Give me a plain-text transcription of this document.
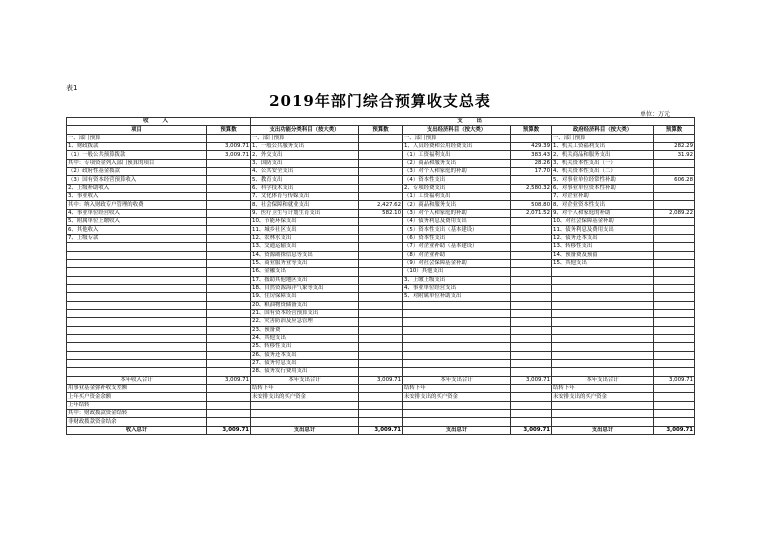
表1
2019年部门综合预算收支总表
单位：万元
收 入		支 出					
项目	预算数	支出功能分类科目（按大类）	预算数	支出经济科目（按大类）	预算数	政府经济科目（按大类）	预算数
一、部门预算		一、部门预算		一、部门预算		一、部门预算	
1、财政拨款	3,009.71	1、一般公共服务支出		1、人员经费和公用经费支出	429.39	1、机关工资福利支出	282.29
（1）一般公共预算拨款	3,009.71	2、外交支出		（1）工资福利支出	383.43	2、机关商品和服务支出	31.92
其中：专项资金列入部门预算的项目		3、国防支出		（2）商品和服务支出	28.26	3、机关资本性支出（一）	
（2）政府性基金拨款		4、公共安全支出		（3）对个人和家庭的补助	17.70	4、机关资本性支出（二）	
（3）国有资本经营预算收入		5、教育支出		（4）资本性支出		5、对事业单位经常性补助	606.28
2、上级补助收入		6、科学技术支出		2、专项经费支出	2,580.32	6、对事业单位资本性补助	
3、事业收入		7、文化体育与传媒支出		（1）工资福利支出		7、对企业补助	
其中：纳入财政专户管理的收费		8、社会保障和就业支出	2,427.62	（2）商品和服务支出	508.80	8、对企业资本性支出	
4、事业单位经营收入		9、医疗卫生与计划生育支出	582.10	（3）对个人和家庭的补助	2,071.52	9、对个人和家庭的补助	2,089.22
5、附属单位上缴收入		10、节能环保支出		（4）债务利息及费用支出		10、对社会保障基金补助	
6、其他收入		11、城乡社区支出		（5）资本性支出（基本建设）		11、债务利息及费用支出	
7、上级专款		12、农林水支出		（6）资本性支出		12、债务还本支出	
		13、交通运输支出		（7）对企业补助（基本建设）		13、转移性支出	
		14、资源勘探信息等支出		（8）对企业补助		14、预备费及预留	
		15、商业服务业等支出		（9）对社会保障基金补助		15、其他支出	
		16、金融支出		（10）其他支出			
		17、援助其他地区支出		3、上缴上级支出			
		18、自然资源海洋气象等支出		4、事业单位经营支出			
		19、住房保障支出		5、对附属单位补助支出			
		20、粮油物资储备支出					
		21、国有资本经营预算支出					
		22、灾害防治及应急管理					
		23、预备费					
		24、其他支出					
		25、转移性支出					
		26、债务还本支出					
		27、债务付息支出					
		28、债务发行费用支出					
本年收入合计	3,009.71	本年支出合计	3,009.71	本年支出合计	3,009.71	本年支出合计	3,009.71
用事业基金弥补收支差额		结转下年		结转下年		结转下年	
上年买户资金余额		未安排支出的买户资金		未安排支出的买户资金		未安排支出的买户资金	
上年结转							
其中：财政拨款资金结转							
非财政拨款资金结余							
收入总计	3,009.71	支出总计	3,009.71	支出总计	3,009.71	支出总计	3,009.71
